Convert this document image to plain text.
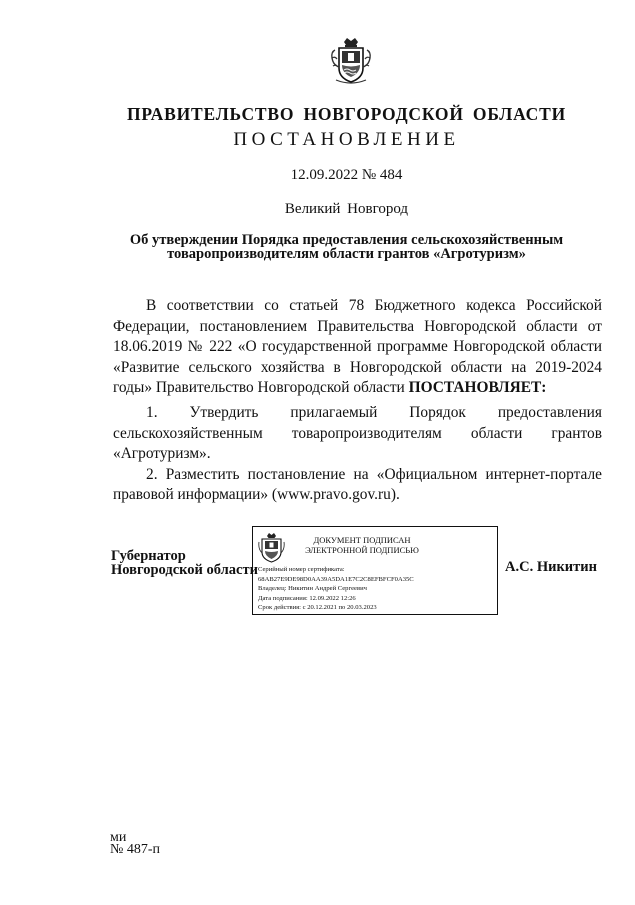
ПРАВИТЕЛЬСТВО НОВГОРОДСКОЙ ОБЛАСТИ
ПОСТАНОВЛЕНИЕ
12.09.2022 № 484
Великий Новгород
Об утверждении Порядка предоставления сельскохозяйственным
товаропроизводителям области грантов «Агротуризм»

В соответствии со статьей 78 Бюджетного кодекса Российской Федерации, постановлением Правительства Новгородской области от 18.06.2019 № 222 «О государственной программе Новгородской области «Развитие сельского хозяйства в Новгородской области на 2019-2024 годы» Правительство Новгородской области ПОСТАНОВЛЯЕТ:

1. Утвердить прилагаемый Порядок предоставления сельскохозяйственным товаропроизводителям области грантов «Агротуризм».

2. Разместить постановление на «Официальном интернет-портале правовой информации» (www.pravo.gov.ru).

Губернатор
Новгородской области	А.С. Никитин
ДОКУМЕНТ ПОДПИСАН
ЭЛЕКТРОННОЙ ПОДПИСЬЮ
Серийный номер сертификата:
68AB27E9DE98D0AA39A5DA1E7C2C8EFBFCF0A35C
Владелец: Никитин Андрей Сергеевич
Дата подписания: 12.09.2022 12:26
Срок действия: с 20.12.2021 по 20.03.2023
ми
№ 487-п
